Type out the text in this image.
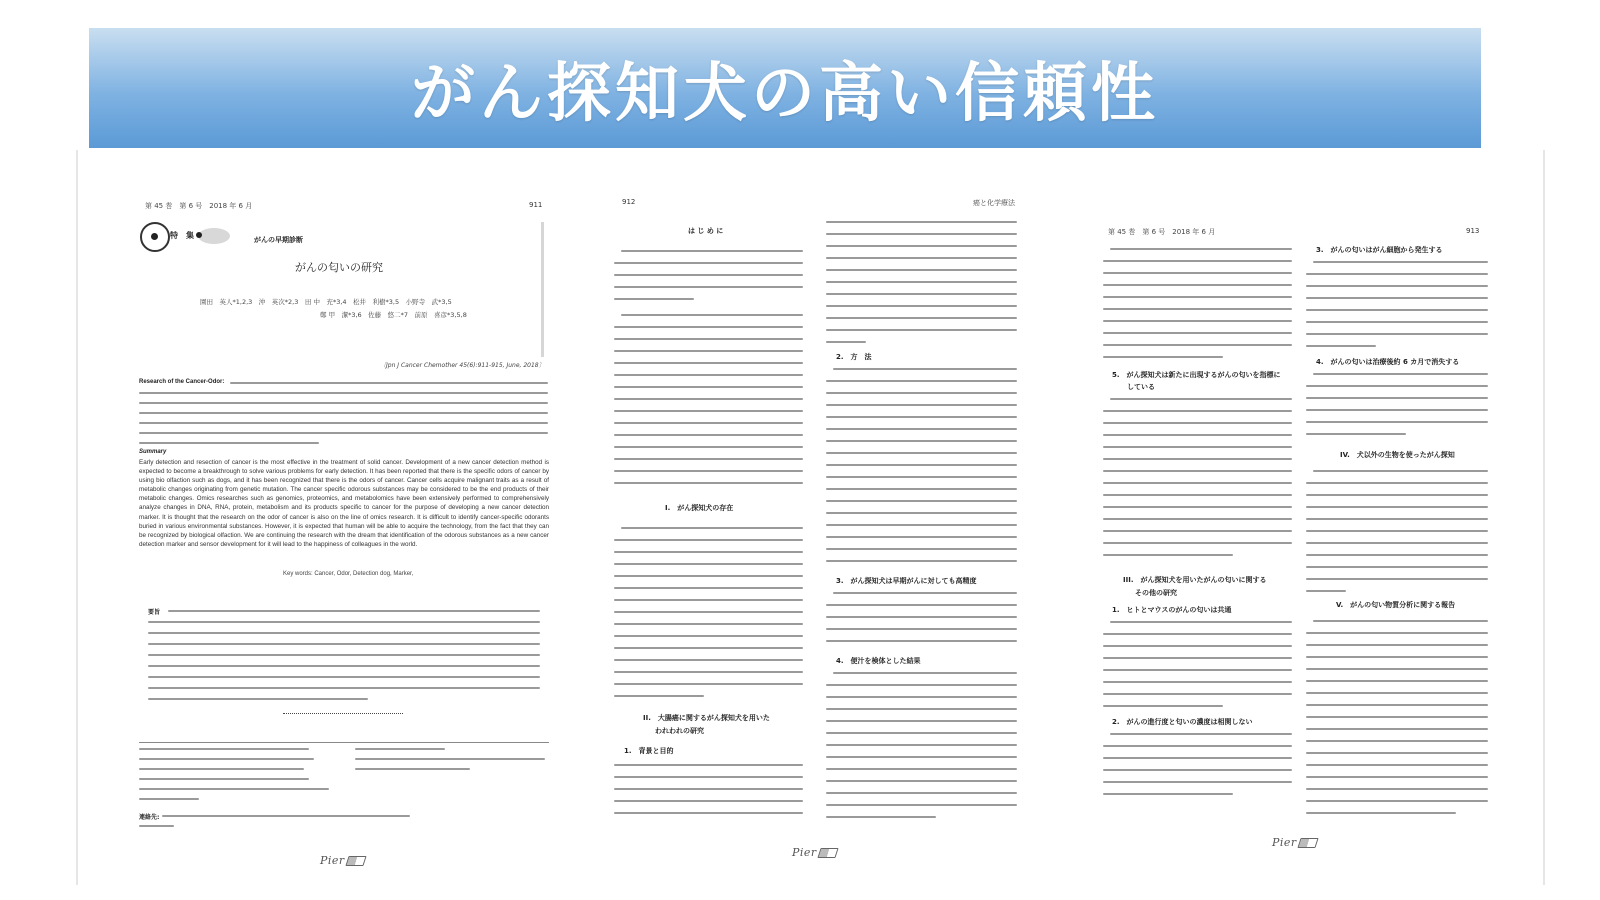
がん探知犬の高い信頼性
第 45 巻　第 6 号　2018 年 6 月	911
特　集	がんの早期診断
がんの匂いの研究
園田　英人*1,2,3　沖　英次*2,3　田 中　充*3,4　松井　利樹*3,5　小野寺　武*3,5
鄭 甲　潔*3,6　佐藤　悠二*7　前原　喜彦*3,5,8
〔Jpn J Cancer Chemother 45(6):911-915, June, 2018〕
Research of the Cancer-Odor:
Summary
Early detection and resection of cancer is the most effective in the treatment of solid cancer. Development of a new cancer detection method is expected to become a breakthrough to solve various problems for early detection. It has been reported that there is the specific odors of cancer by using bio olfaction such as dogs, and it has been recognized that there is the odors of cancer. Cancer cells acquire malignant traits as a result of metabolic changes originating from genetic mutation. The cancer specific odorous substances may be considered to be the end products of their metabolic changes. Omics researches such as genomics, proteomics, and metabolomics have been extensively performed to comprehensively analyze changes in DNA, RNA, protein, metabolism and its products specific to cancer for the purpose of developing a new cancer detection marker. It is thought that the research on the odor of cancer is also on the line of omics research. It is difficult to identify cancer-specific odorants buried in various environmental substances. However, it is expected that human will be able to acquire the technology, from the fact that they can be recognized by biological olfaction. We are continuing the research with the dream that identification of the odorous substances as a new cancer detection marker and sensor development for it will lead to the happiness of colleagues in the world.
Key words: Cancer, Odor, Detection dog, Marker,
要旨
連絡先:
Pier
912	癌と化学療法
は じ め に
I.　がん探知犬の存在
II.　大腸癌に関するがん探知犬を用いた
われわれの研究
1.　背景と目的
2.　方　法
3.　がん探知犬は早期がんに対しても高精度
4.　便汁を検体とした結果
Pier
第 45 巻　第 6 号　2018 年 6 月	913
5.　がん探知犬は新たに出現するがんの匂いを指標に
している
III.　がん探知犬を用いたがんの匂いに関する
その他の研究
1.　ヒトとマウスのがんの匂いは共通
2.　がんの進行度と匂いの濃度は相関しない
3.　がんの匂いはがん細胞から発生する
4.　がんの匂いは治療後約 6 カ月で消失する
IV.　犬以外の生物を使ったがん探知
V.　がんの匂い物質分析に関する報告
Pier
